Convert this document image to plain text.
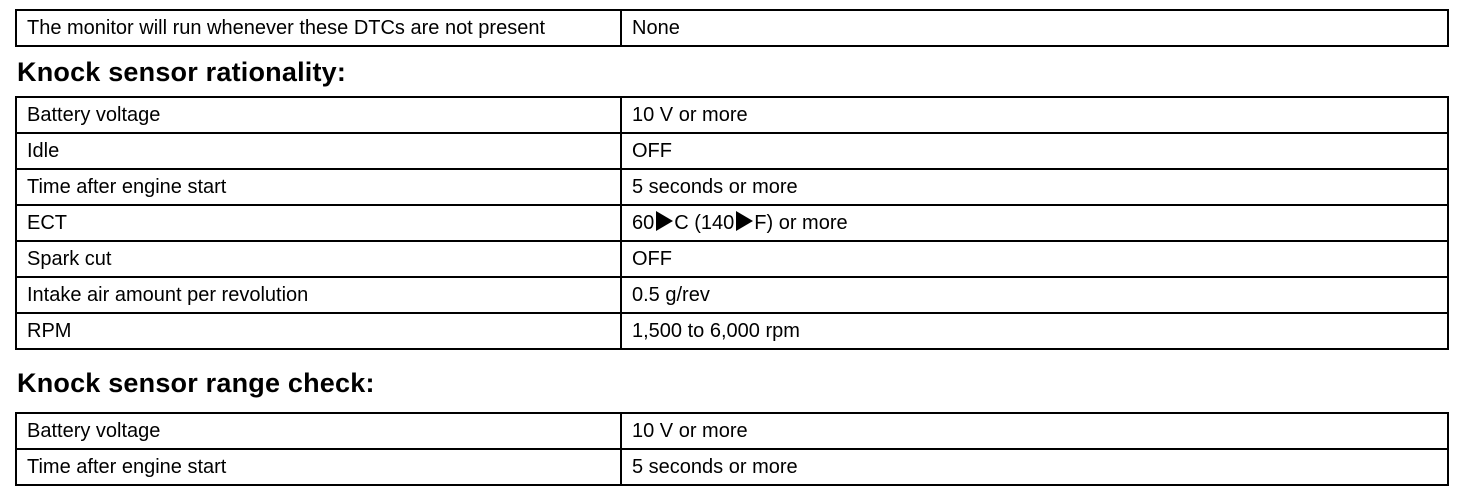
The monitor will run whenever these DTCs are not present	None
Knock sensor rationality:
Battery voltage	10 V or more
Idle	OFF
Time after engine start	5 seconds or more
ECT	60 C (140 F) or more
Spark cut	OFF
Intake air amount per revolution	0.5 g/rev
RPM	1,500 to 6,000 rpm
Knock sensor range check:
Battery voltage	10 V or more
Time after engine start	5 seconds or more
